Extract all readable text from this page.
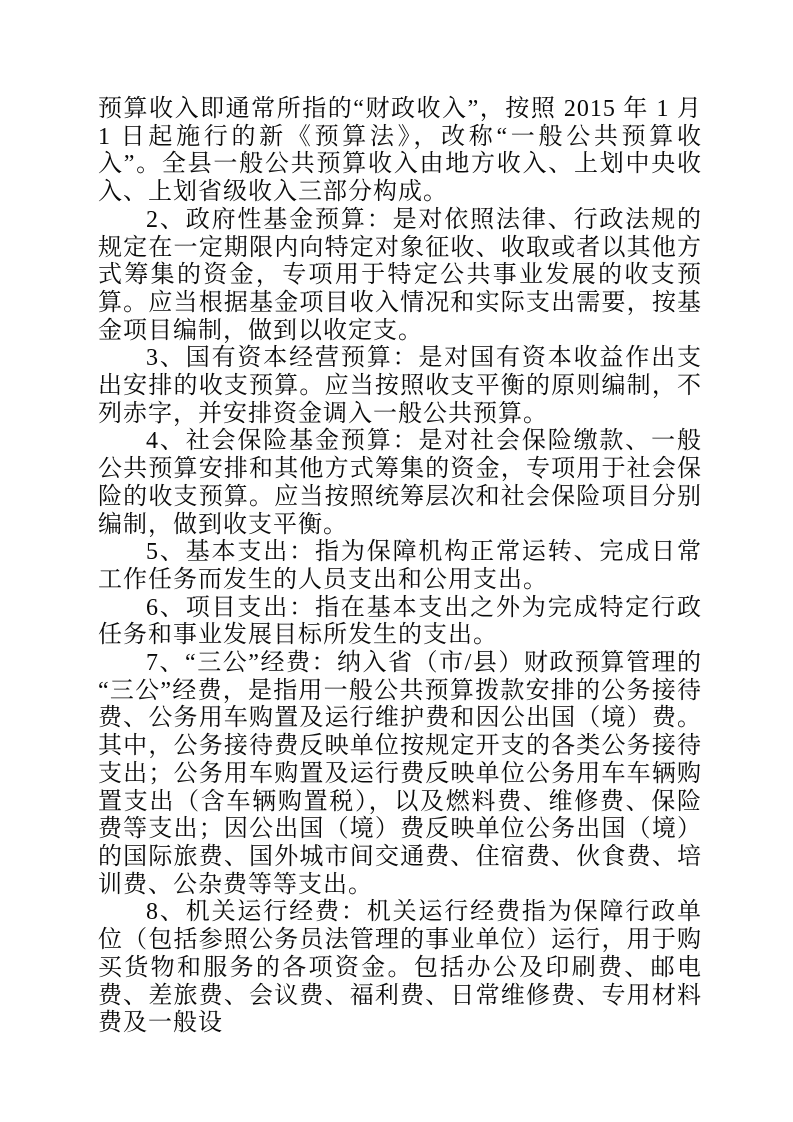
预算收入即通常所指的“财政收入”，按照 2015 年 1 月 1 日起施行的新《预算法》，改称“一般公共预算收入”。全县一般公共预算收入由地方收入、上划中央收入、上划省级收入三部分构成。

2、政府性基金预算：是对依照法律、行政法规的规定在一定期限内向特定对象征收、收取或者以其他方式筹集的资金，专项用于特定公共事业发展的收支预算。应当根据基金项目收入情况和实际支出需要，按基金项目编制，做到以收定支。

3、国有资本经营预算：是对国有资本收益作出支出安排的收支预算。应当按照收支平衡的原则编制，不列赤字，并安排资金调入一般公共预算。

4、社会保险基金预算：是对社会保险缴款、一般公共预算安排和其他方式筹集的资金，专项用于社会保险的收支预算。应当按照统筹层次和社会保险项目分别编制，做到收支平衡。

5、基本支出：指为保障机构正常运转、完成日常工作任务而发生的人员支出和公用支出。

6、项目支出：指在基本支出之外为完成特定行政任务和事业发展目标所发生的支出。

7、“三公”经费：纳入省（市/县）财政预算管理的“三公”经费，是指用一般公共预算拨款安排的公务接待费、公务用车购置及运行维护费和因公出国（境）费。其中，公务接待费反映单位按规定开支的各类公务接待支出；公务用车购置及运行费反映单位公务用车车辆购置支出（含车辆购置税），以及燃料费、维修费、保险费等支出；因公出国（境）费反映单位公务出国（境）的国际旅费、国外城市间交通费、住宿费、伙食费、培训费、公杂费等等支出。

8、机关运行经费：机关运行经费指为保障行政单位（包括参照公务员法管理的事业单位）运行，用于购买货物和服务的各项资金。包括办公及印刷费、邮电费、差旅费、会议费、福利费、日常维修费、专用材料费及一般设
